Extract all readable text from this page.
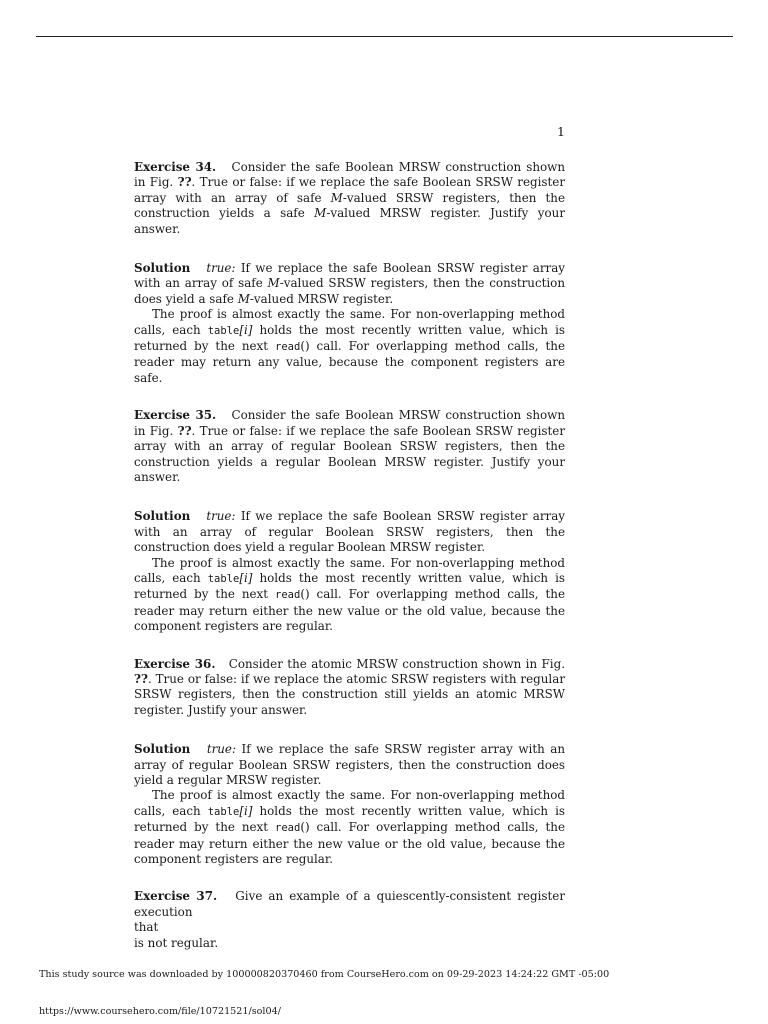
1

Exercise 34. Consider the safe Boolean MRSW construction shown in Fig. ??. True or false: if we replace the safe Boolean SRSW register array with an array of safe M-valued SRSW registers, then the construction yields a safe M-valued MRSW register. Justify your answer.

Solution true: If we replace the safe Boolean SRSW register array with an array of safe M-valued SRSW registers, then the construction does yield a safe M-valued MRSW register.

The proof is almost exactly the same. For non-overlapping method calls, each table[i] holds the most recently written value, which is returned by the next read() call. For overlapping method calls, the reader may return any value, because the component registers are safe.

Exercise 35. Consider the safe Boolean MRSW construction shown in Fig. ??. True or false: if we replace the safe Boolean SRSW register array with an array of regular Boolean SRSW registers, then the construction yields a regular Boolean MRSW register. Justify your answer.

Solution true: If we replace the safe Boolean SRSW register array with an array of regular Boolean SRSW registers, then the construction does yield a regular Boolean MRSW register.

The proof is almost exactly the same. For non-overlapping method calls, each table[i] holds the most recently written value, which is returned by the next read() call. For overlapping method calls, the reader may return either the new value or the old value, because the component registers are regular.

Exercise 36. Consider the atomic MRSW construction shown in Fig. ??. True or false: if we replace the atomic SRSW registers with regular SRSW registers, then the construction still yields an atomic MRSW register. Justify your answer.

Solution true: If we replace the safe SRSW register array with an array of regular Boolean SRSW registers, then the construction does yield a regular MRSW register.

The proof is almost exactly the same. For non-overlapping method calls, each table[i] holds the most recently written value, which is returned by the next read() call. For overlapping method calls, the reader may return either the new value or the old value, because the component registers are regular.

Exercise 37. Give an example of a quiescently-consistent register execution

that

is not regular.

This study source was downloaded by 100000820370460 from CourseHero.com on 09-29-2023 14:24:22 GMT -05:00
https://www.coursehero.com/file/10721521/sol04/
